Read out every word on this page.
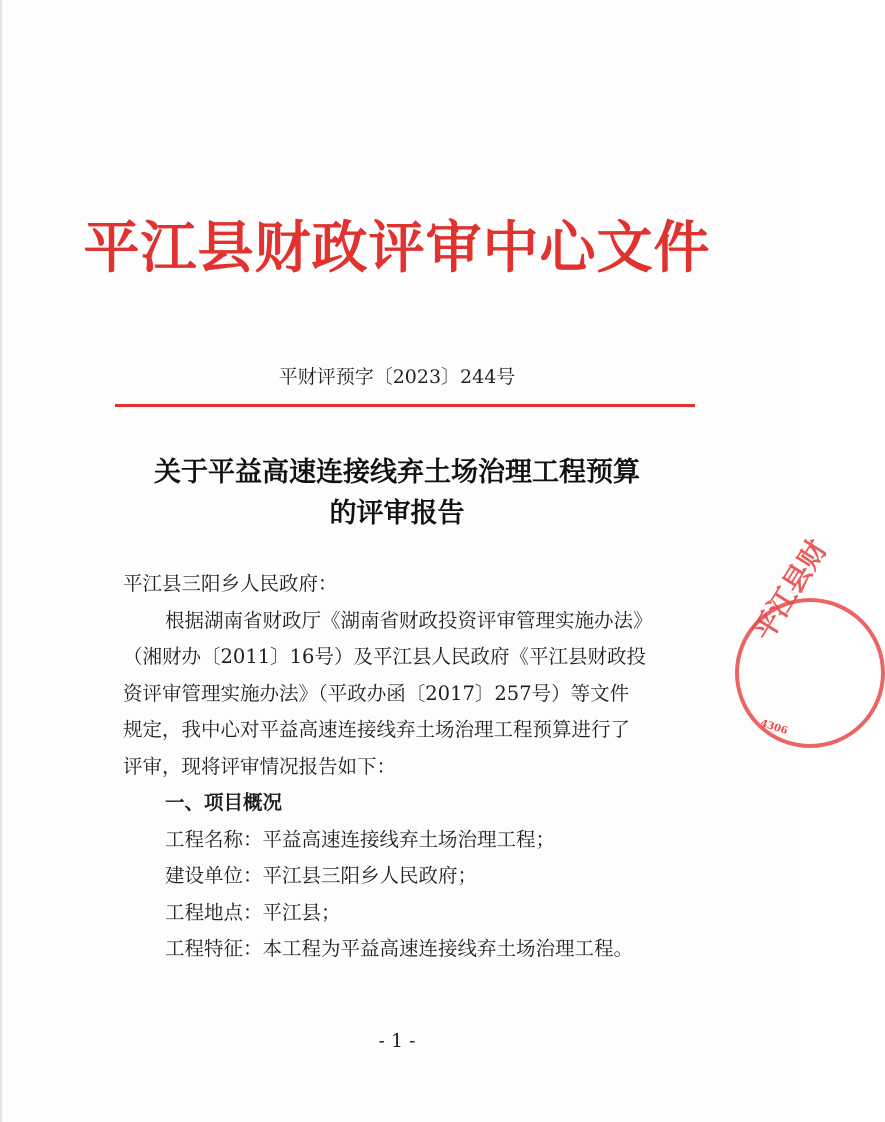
平江县财政评审中心文件
平财评预字〔2023〕244号
关于平益高速连接线弃土场治理工程预算
的评审报告
平江县三阳乡人民政府：
根据湖南省财政厅《湖南省财政投资评审管理实施办法》
（湘财办〔2011〕16号）及平江县人民政府《平江县财政投
资评审管理实施办法》（平政办函〔2017〕257号）等文件
规定，我中心对平益高速连接线弃土场治理工程预算进行了
评审，现将评审情况报告如下：
一、项目概况
工程名称：平益高速连接线弃土场治理工程；
建设单位：平江县三阳乡人民政府；
工程地点：平江县；
工程特征：本工程为平益高速连接线弃土场治理工程。
平江县财
4306
- 1 -
